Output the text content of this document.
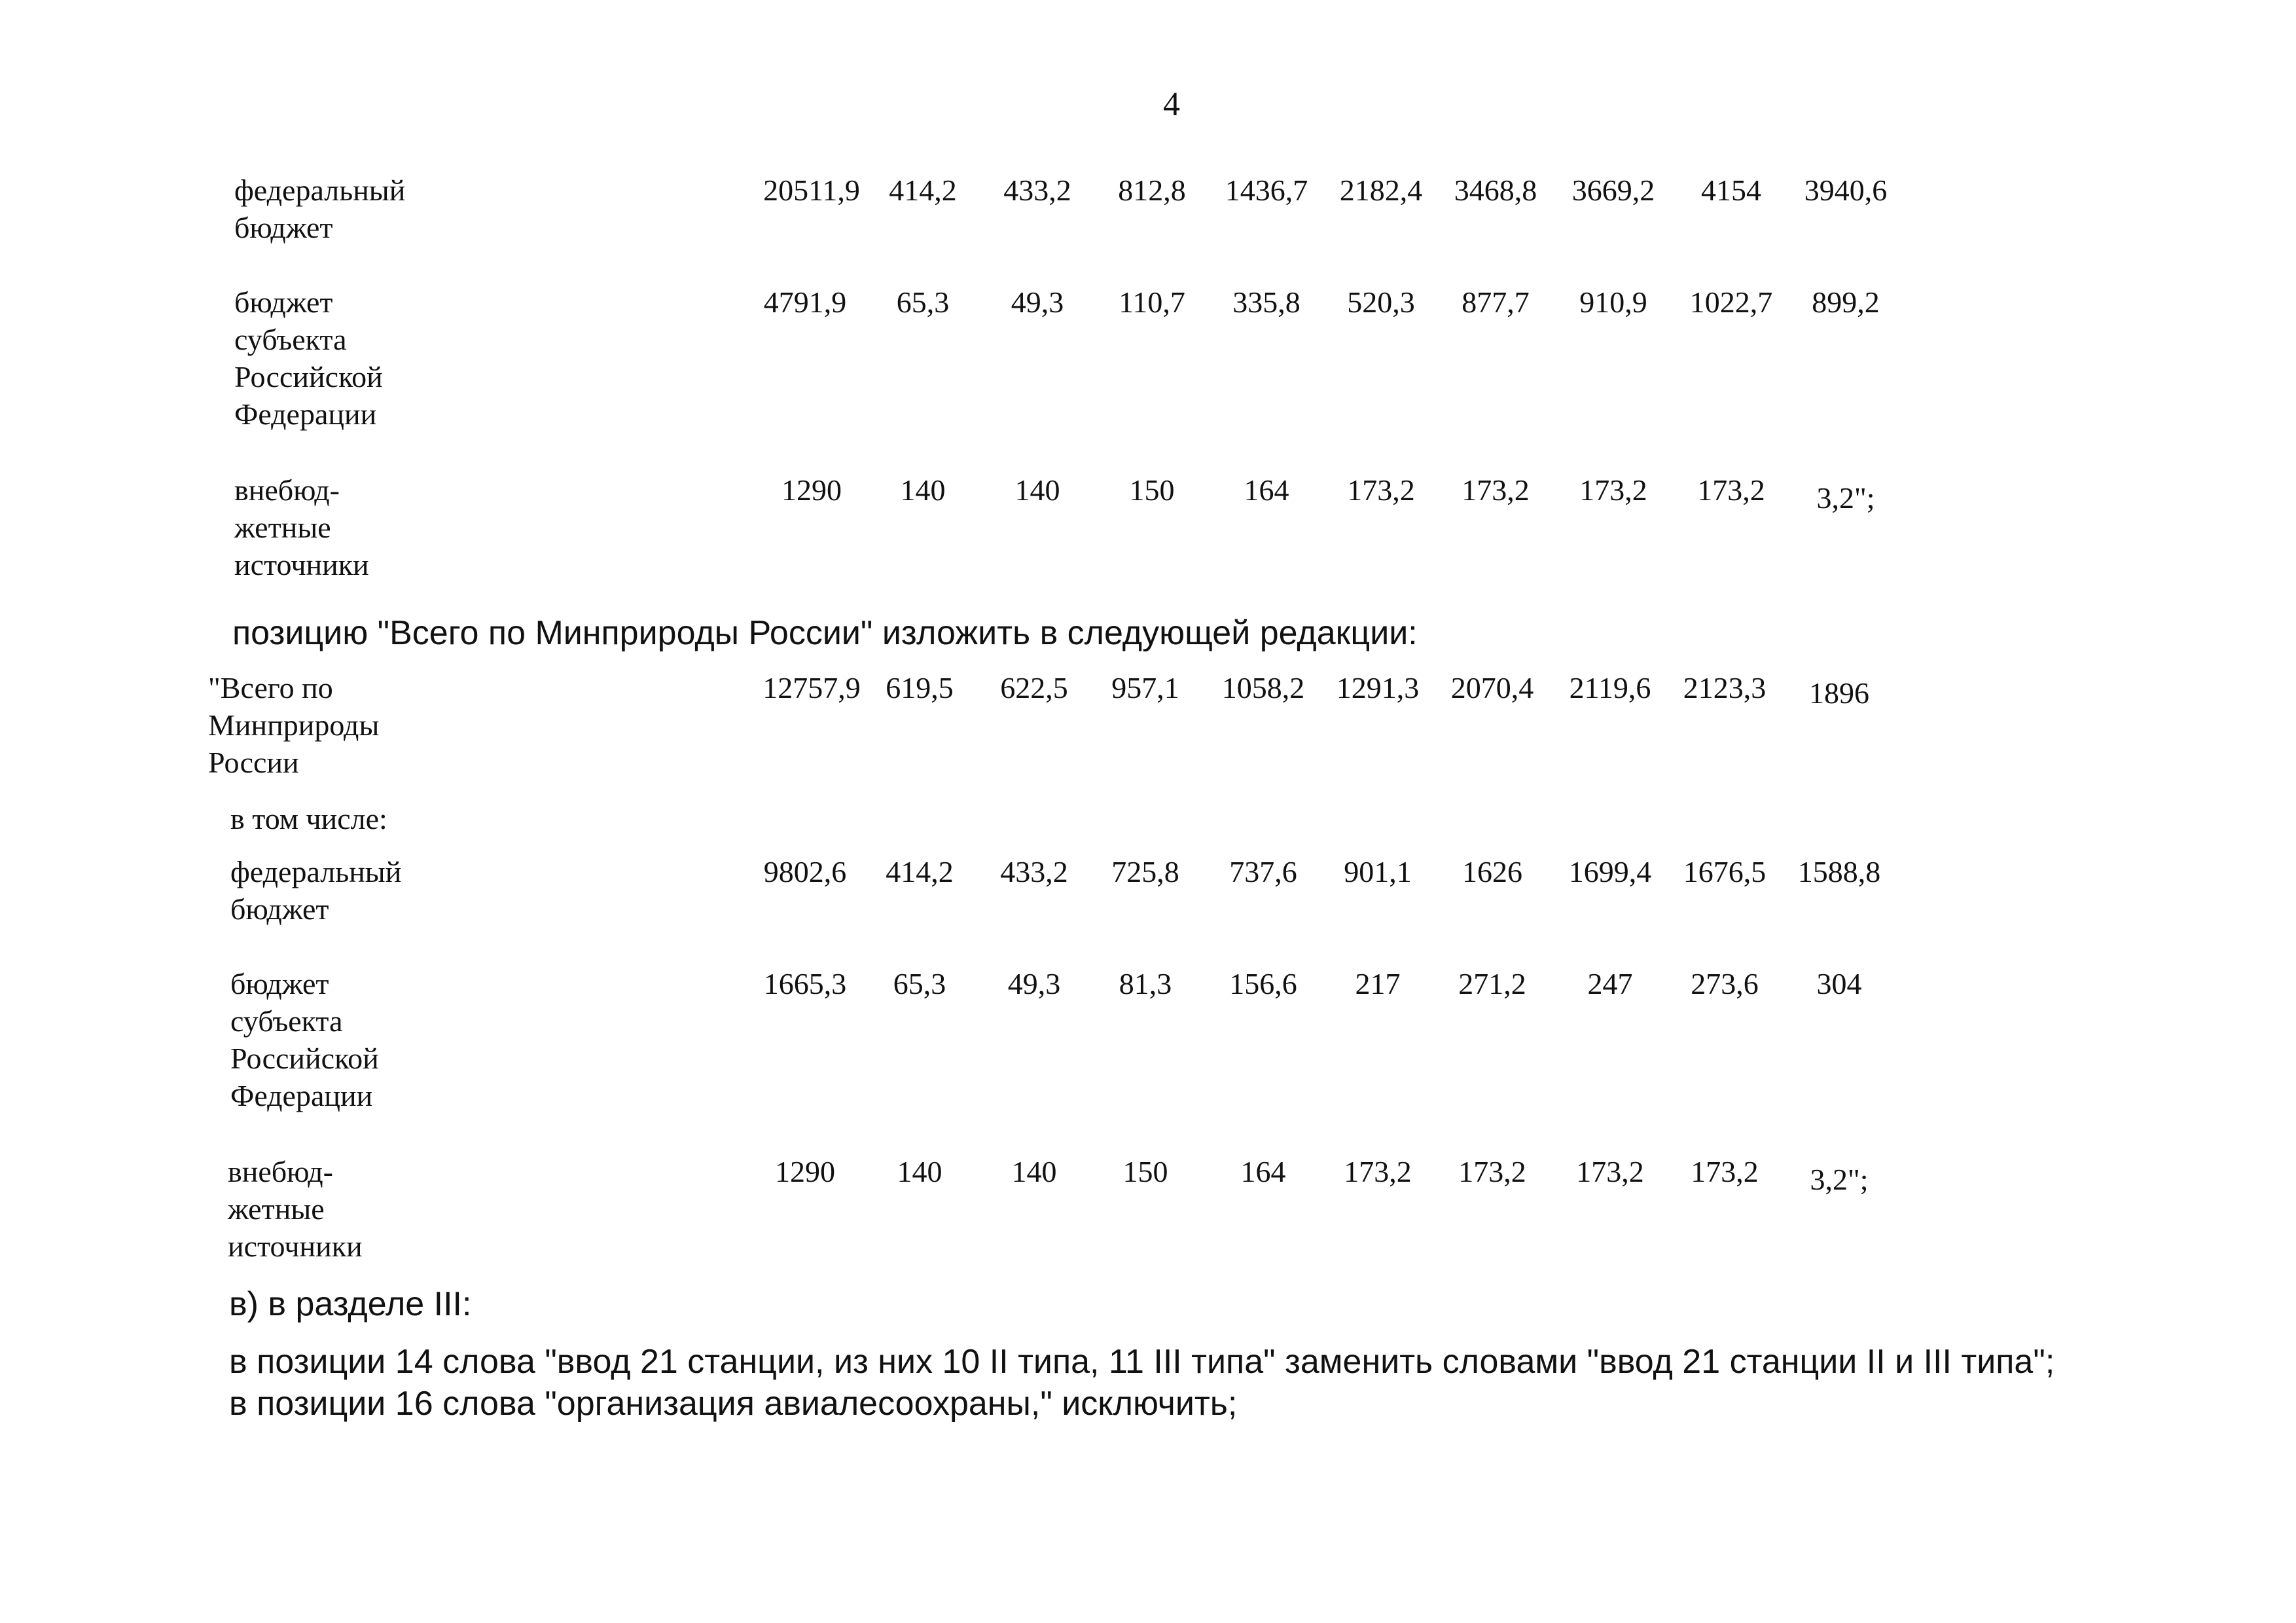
4
федеральный
бюджет
20511,9 414,2	433,2	812,8	1436,7	2182,4	3468,8	3669,2	4154	3940,6
бюджет
субъекта
Российской
Федерации
4791,9	65,3	49,3	110,7	335,8	520,3	877,7	910,9	1022,7	899,2
внебюд-
жетные
источники
1290	140	140	150	164	173,2	173,2	173,2	173,2	3,2";
позицию "Всего по Минприроды России" изложить в следующей редакции:
"Всего по
Минприроды
России
12757,9 619,5	622,5	957,1	1058,2	1291,3	2070,4	2119,6	2123,3	1896
в том числе:
федеральный
бюджет
9802,6	414,2	433,2	725,8	737,6	901,1	1626	1699,4	1676,5	1588,8
бюджет
субъекта
Российской
Федерации
1665,3	65,3	49,3	81,3	156,6	217	271,2	247	273,6	304
внебюд-
жетные
источники
1290	140	140	150	164	173,2	173,2	173,2	173,2	3,2";
в) в разделе III:
в позиции 14 слова "ввод 21 станции, из них 10 II типа, 11 III типа" заменить словами "ввод 21 станции II и III типа";
в позиции 16 слова "организация авиалесоохраны," исключить;
